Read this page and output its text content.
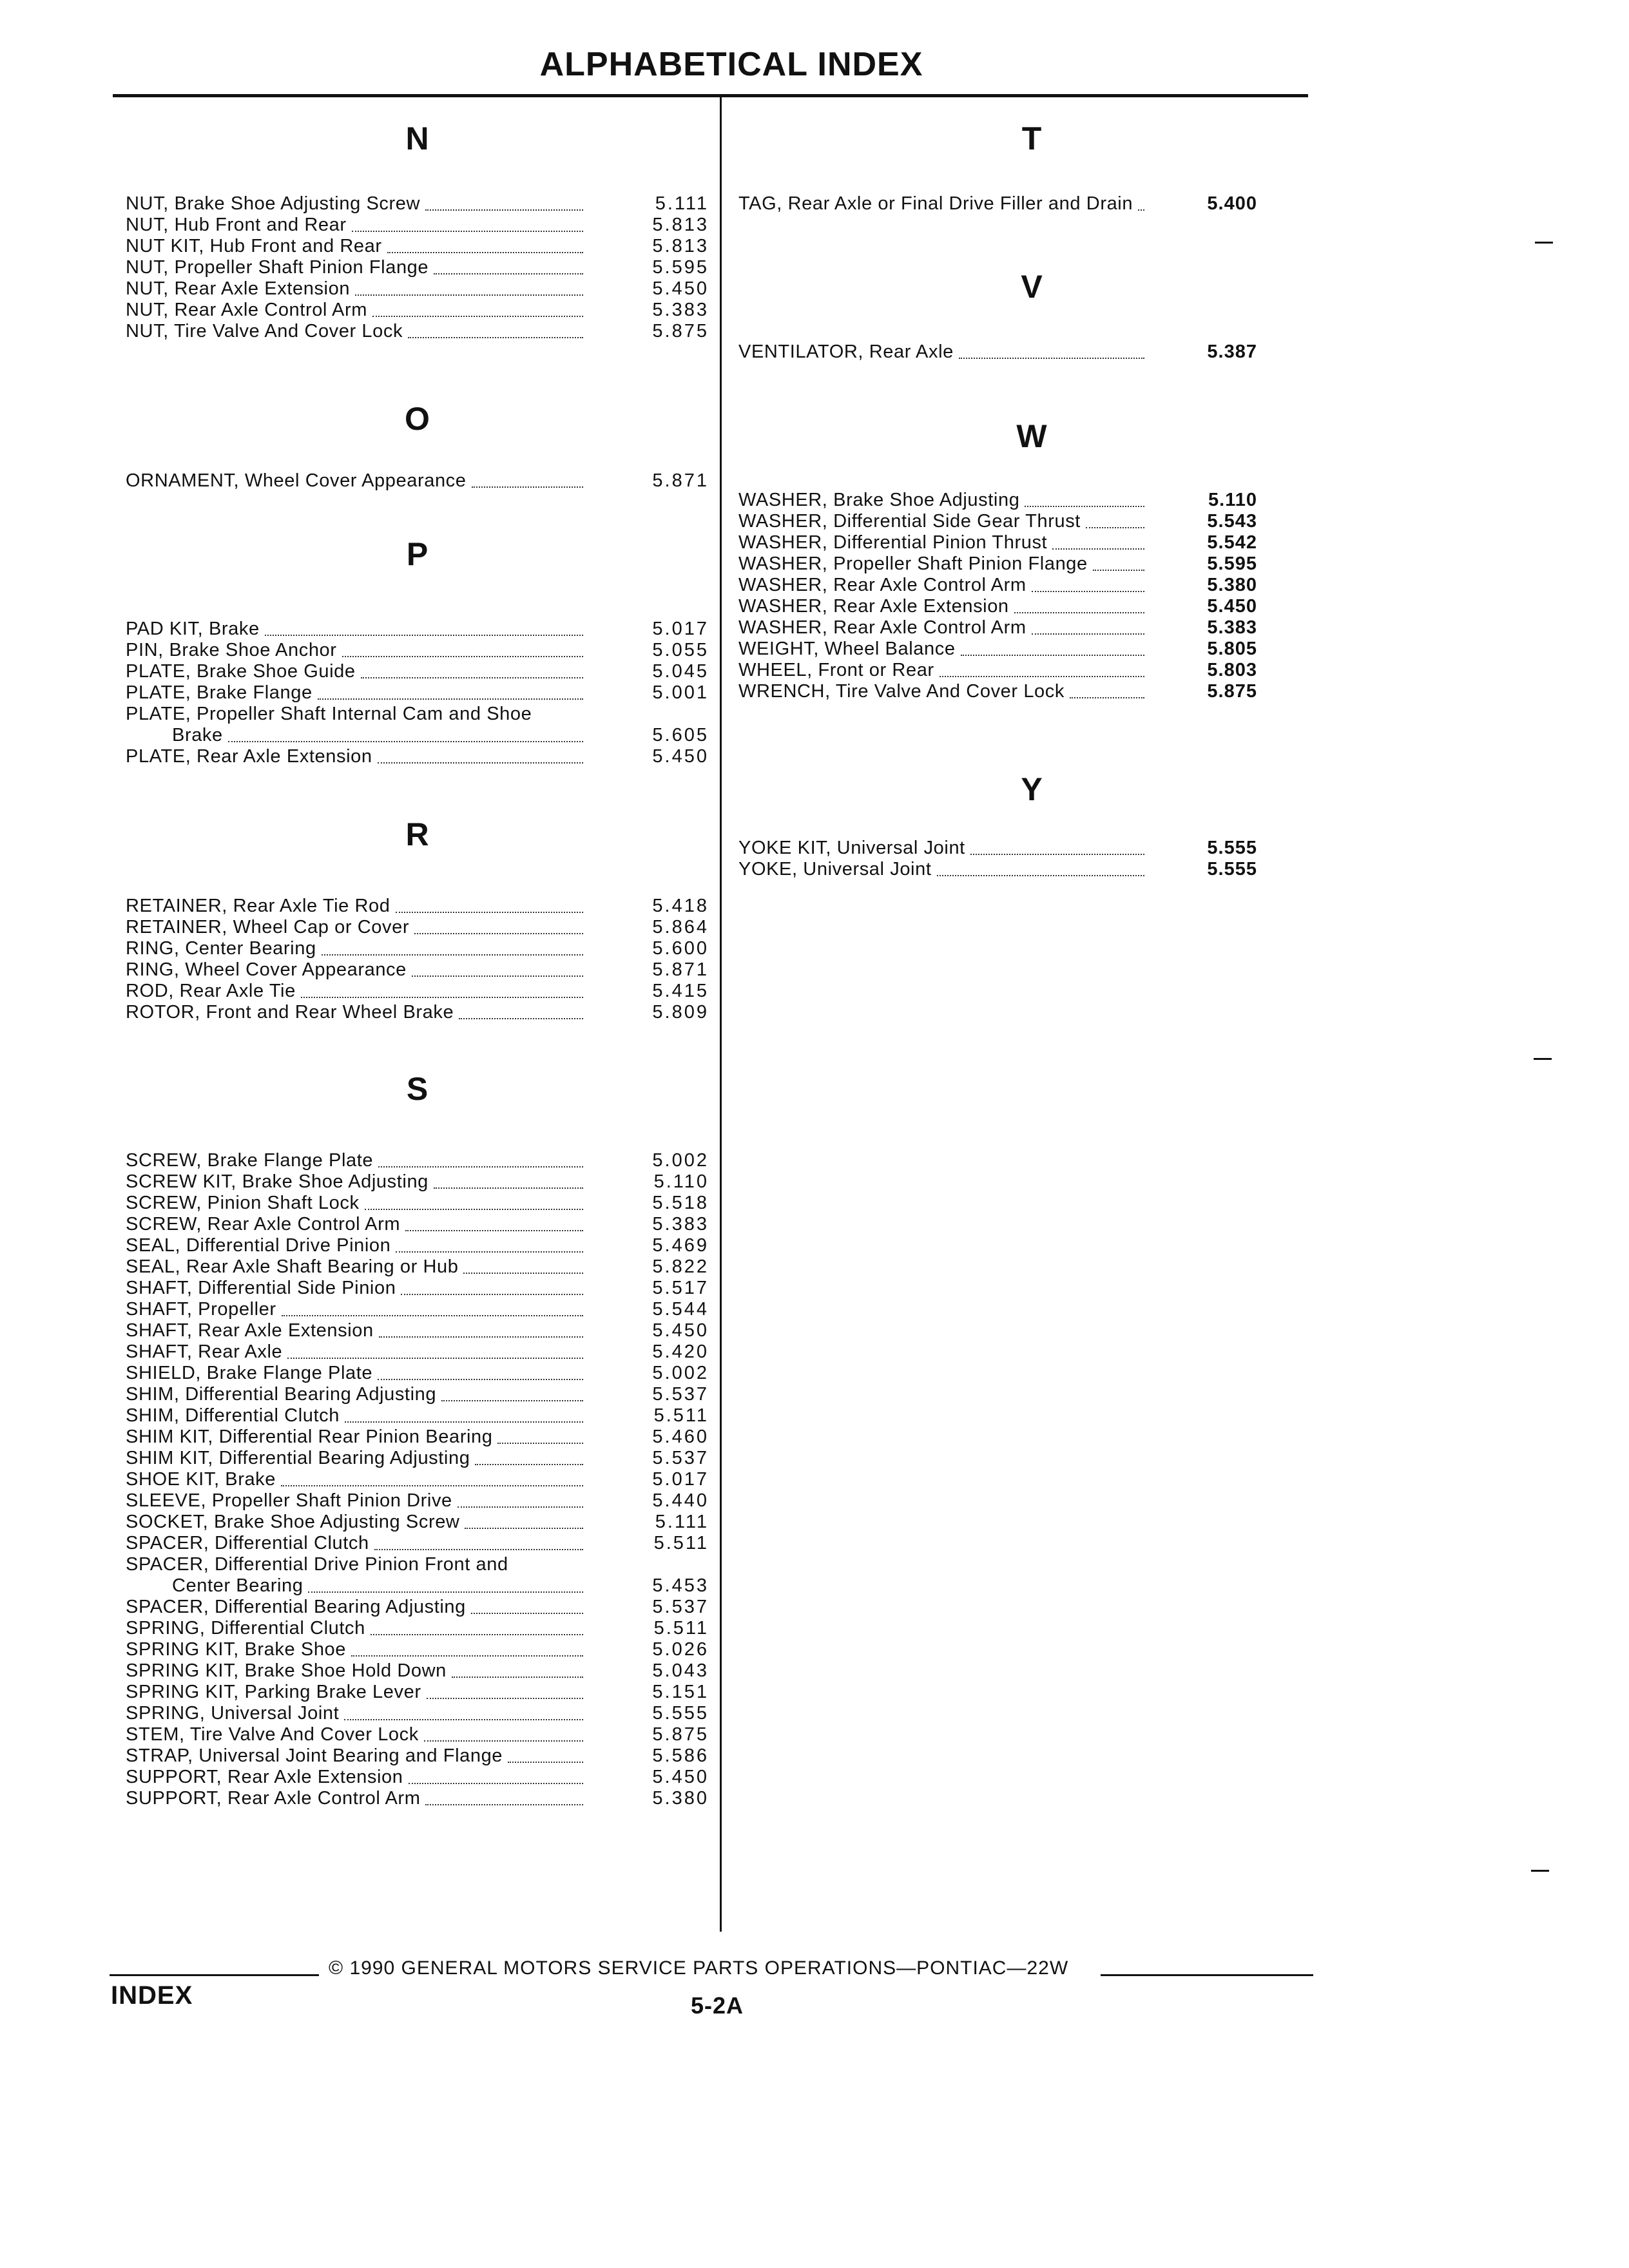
ALPHABETICAL INDEX
N
NUT, Brake Shoe Adjusting Screw	5.111
NUT, Hub Front and Rear	5.813
NUT KIT, Hub Front and Rear	5.813
NUT, Propeller Shaft Pinion Flange	5.595
NUT, Rear Axle Extension	5.450
NUT, Rear Axle Control Arm	5.383
NUT, Tire Valve And Cover Lock	5.875
O
ORNAMENT, Wheel Cover Appearance	5.871
P
PAD KIT, Brake	5.017
PIN, Brake Shoe Anchor	5.055
PLATE, Brake Shoe Guide	5.045
PLATE, Brake Flange	5.001
PLATE, Propeller Shaft Internal Cam and Shoe
Brake	5.605
PLATE, Rear Axle Extension	5.450
R
RETAINER, Rear Axle Tie Rod	5.418
RETAINER, Wheel Cap or Cover	5.864
RING, Center Bearing	5.600
RING, Wheel Cover Appearance	5.871
ROD, Rear Axle Tie	5.415
ROTOR, Front and Rear Wheel Brake	5.809
S
SCREW, Brake Flange Plate	5.002
SCREW KIT, Brake Shoe Adjusting	5.110
SCREW, Pinion Shaft Lock	5.518
SCREW, Rear Axle Control Arm	5.383
SEAL, Differential Drive Pinion	5.469
SEAL, Rear Axle Shaft Bearing or Hub	5.822
SHAFT, Differential Side Pinion	5.517
SHAFT, Propeller	5.544
SHAFT, Rear Axle Extension	5.450
SHAFT, Rear Axle	5.420
SHIELD, Brake Flange Plate	5.002
SHIM, Differential Bearing Adjusting	5.537
SHIM, Differential Clutch	5.511
SHIM KIT, Differential Rear Pinion Bearing	5.460
SHIM KIT, Differential Bearing Adjusting	5.537
SHOE KIT, Brake	5.017
SLEEVE, Propeller Shaft Pinion Drive	5.440
SOCKET, Brake Shoe Adjusting Screw	5.111
SPACER, Differential Clutch	5.511
SPACER, Differential Drive Pinion Front and
Center Bearing	5.453
SPACER, Differential Bearing Adjusting	5.537
SPRING, Differential Clutch	5.511
SPRING KIT, Brake Shoe	5.026
SPRING KIT, Brake Shoe Hold Down	5.043
SPRING KIT, Parking Brake Lever	5.151
SPRING, Universal Joint	5.555
STEM, Tire Valve And Cover Lock	5.875
STRAP, Universal Joint Bearing and Flange	5.586
SUPPORT, Rear Axle Extension	5.450
SUPPORT, Rear Axle Control Arm	5.380
T
TAG, Rear Axle or Final Drive Filler and Drain	5.400
V
VENTILATOR, Rear Axle	5.387
W
WASHER, Brake Shoe Adjusting	5.110
WASHER, Differential Side Gear Thrust	5.543
WASHER, Differential Pinion Thrust	5.542
WASHER, Propeller Shaft Pinion Flange	5.595
WASHER, Rear Axle Control Arm	5.380
WASHER, Rear Axle Extension	5.450
WASHER, Rear Axle Control Arm	5.383
WEIGHT, Wheel Balance	5.805
WHEEL, Front or Rear	5.803
WRENCH, Tire Valve And Cover Lock	5.875
Y
YOKE KIT, Universal Joint	5.555
YOKE, Universal Joint	5.555
© 1990 GENERAL MOTORS SERVICE PARTS OPERATIONS—PONTIAC—22W
INDEX	5-2A
